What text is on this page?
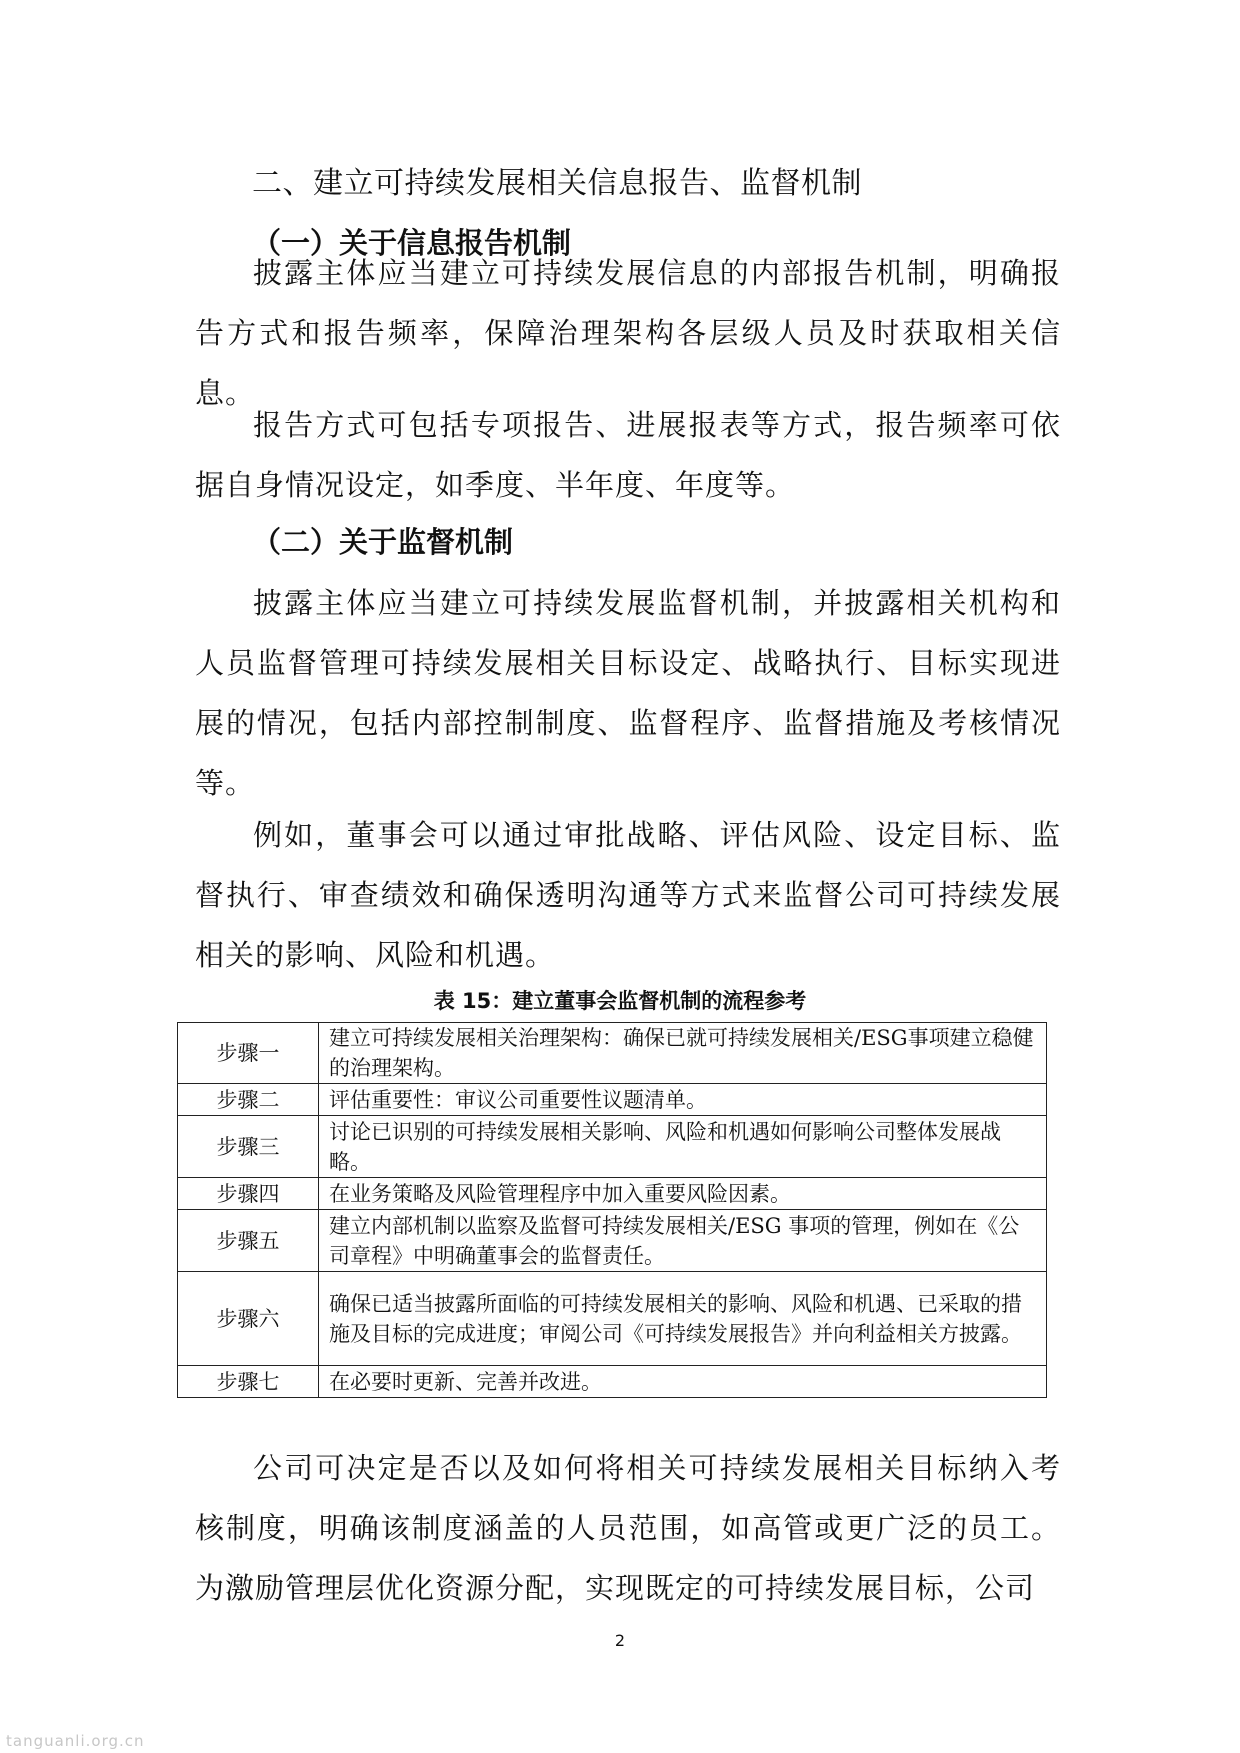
二、建立可持续发展相关信息报告、监督机制
（一）关于信息报告机制

披露主体应当建立可持续发展信息的内部报告机制，明确报告方式和报告频率，保障治理架构各层级人员及时获取相关信息。

报告方式可包括专项报告、进展报表等方式，报告频率可依据自身情况设定，如季度、半年度、年度等。

（二）关于监督机制

披露主体应当建立可持续发展监督机制，并披露相关机构和人员监督管理可持续发展相关目标设定、战略执行、目标实现进展的情况，包括内部控制制度、监督程序、监督措施及考核情况等。

例如，董事会可以通过审批战略、评估风险、设定目标、监督执行、审查绩效和确保透明沟通等方式来监督公司可持续发展相关的影响、风险和机遇。

表 15：建立董事会监督机制的流程参考
步骤一	建立可持续发展相关治理架构：确保已就可持续发展相关/ESG事项建立稳健的治理架构。
步骤二	评估重要性：审议公司重要性议题清单。
步骤三	讨论已识别的可持续发展相关影响、风险和机遇如何影响公司整体发展战略。
步骤四	在业务策略及风险管理程序中加入重要风险因素。
步骤五	建立内部机制以监察及监督可持续发展相关/ESG 事项的管理，例如在《公司章程》中明确董事会的监督责任。
步骤六	确保已适当披露所面临的可持续发展相关的影响、风险和机遇、已采取的措施及目标的完成进度；审阅公司《可持续发展报告》并向利益相关方披露。
步骤七	在必要时更新、完善并改进。

公司可决定是否以及如何将相关可持续发展相关目标纳入考核制度，明确该制度涵盖的人员范围，如高管或更广泛的员工。为激励管理层优化资源分配，实现既定的可持续发展目标，公司

2
tanguanli.org.cn
